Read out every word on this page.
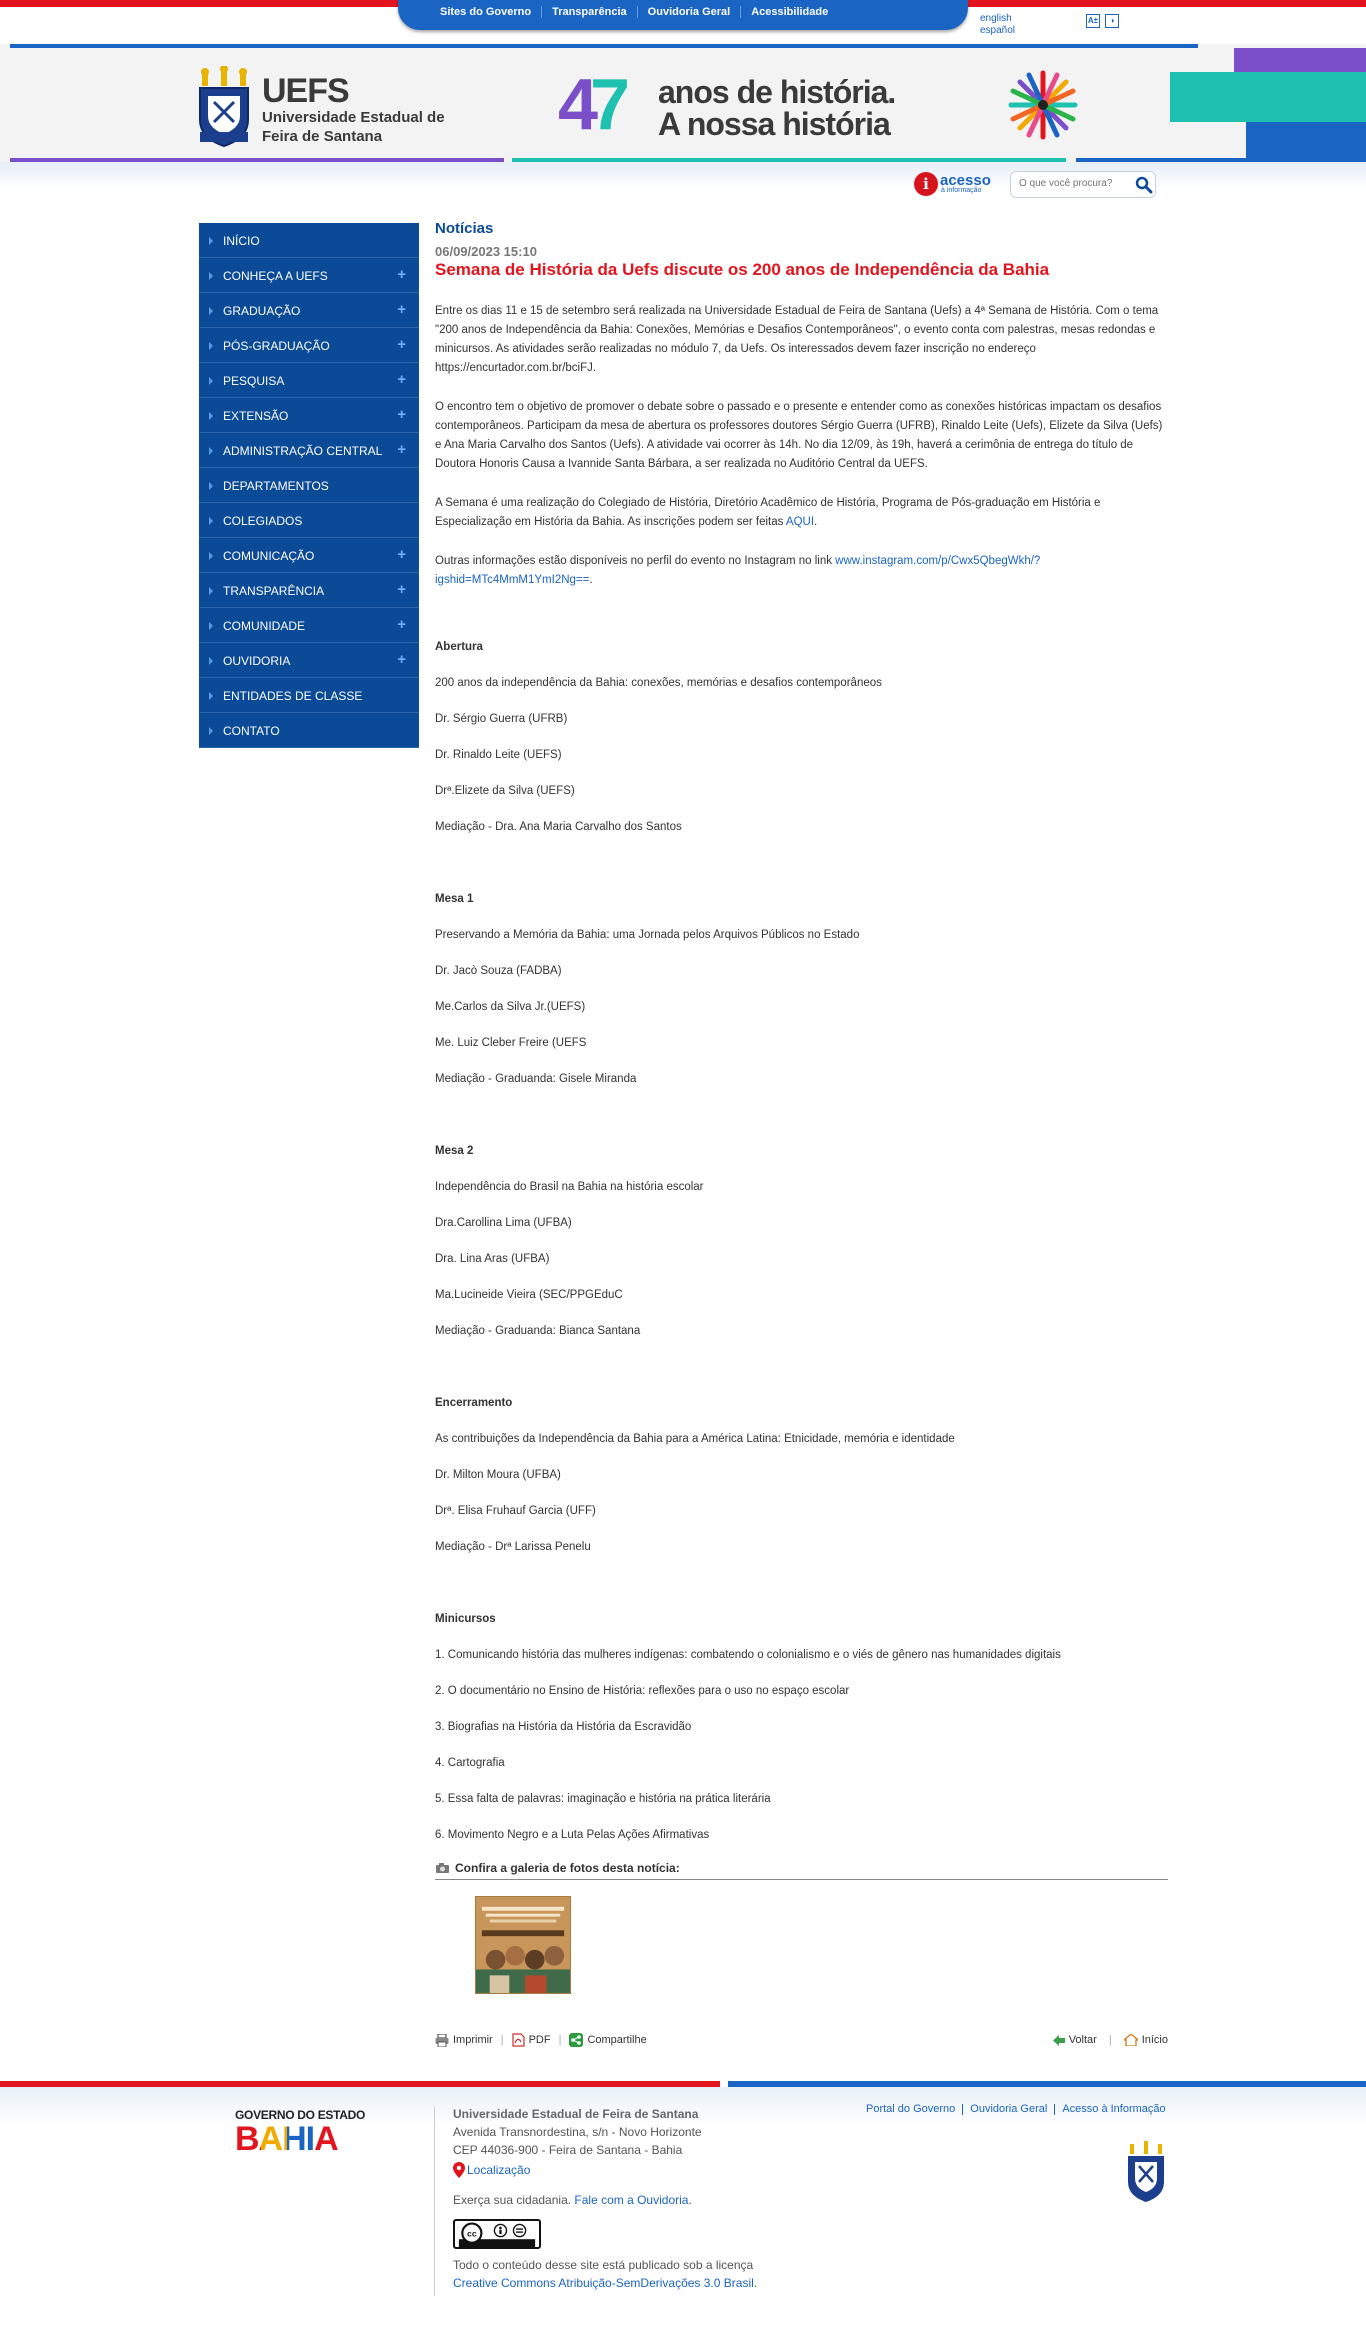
Sites do Governo	Transparência	Ouvidoria Geral	Acessibilidade
english
español
A±	◑
UEFS
Universidade Estadual de Feira de Santana	47 anos de história.
A nossa história
i acesso
à informação
O que você procura?
INÍCIO
CONHEÇA A UEFS	+
GRADUAÇÃO	+
PÓS-GRADUAÇÃO	+
PESQUISA	+
EXTENSÃO	+
ADMINISTRAÇÃO CENTRAL +
DEPARTAMENTOS
COLEGIADOS
COMUNICAÇÃO	+
TRANSPARÊNCIA	+
COMUNIDADE	+
OUVIDORIA	+
ENTIDADES DE CLASSE
CONTATO
Notícias
06/09/2023 15:10
Semana de História da Uefs discute os 200 anos de Independência da Bahia
Entre os dias 11 e 15 de setembro será realizada na Universidade Estadual de Feira de Santana (Uefs) a 4ª Semana de História. Com o tema "200 anos de Independência da Bahia: Conexões, Memórias e Desafios Contemporâneos", o evento conta com palestras, mesas redondas e minicursos. As atividades serão realizadas no módulo 7, da Uefs. Os interessados devem fazer inscrição no endereço https://encurtador.com.br/bciFJ.
O encontro tem o objetivo de promover o debate sobre o passado e o presente e entender como as conexões históricas impactam os desafios contemporâneos. Participam da mesa de abertura os professores doutores Sérgio Guerra (UFRB), Rinaldo Leite (Uefs), Elizete da Silva (Uefs) e Ana Maria Carvalho dos Santos (Uefs). A atividade vai ocorrer às 14h. No dia 12/09, às 19h, haverá a cerimônia de entrega do título de Doutora Honoris Causa a Ivannide Santa Bárbara, a ser realizada no Auditório Central da UEFS.
A Semana é uma realização do Colegiado de História, Diretório Acadêmico de História, Programa de Pós-graduação em História e Especialização em História da Bahia. As inscrições podem ser feitas AQUI.
Outras informações estão disponíveis no perfil do evento no Instagram no link www.instagram.com/p/Cwx5QbegWkh/?igshid=MTc4MmM1YmI2Ng==.
Abertura
200 anos da independência da Bahia: conexões, memórias e desafios contemporâneos
Dr. Sérgio Guerra (UFRB)
Dr. Rinaldo Leite (UEFS)
Drª.Elizete da Silva (UEFS)
Mediação - Dra. Ana Maria Carvalho dos Santos
Mesa 1
Preservando a Memória da Bahia: uma Jornada pelos Arquivos Públicos no Estado
Dr. Jacò Souza (FADBA)
Me.Carlos da Silva Jr.(UEFS)
Me. Luiz Cleber Freire (UEFS
Mediação - Graduanda: Gisele Miranda
Mesa 2
Independência do Brasil na Bahia na história escolar
Dra.Carollina Lima (UFBA)
Dra. Lina Aras (UFBA)
Ma.Lucineide Vieira (SEC/PPGEduC
Mediação - Graduanda: Bianca Santana
Encerramento
As contribuições da Independência da Bahia para a América Latina: Etnicidade, memória e identidade
Dr. Milton Moura (UFBA)
Drª. Elisa Fruhauf Garcia (UFF)
Mediação - Drª Larissa Penelu
Minicursos
1. Comunicando história das mulheres indígenas: combatendo o colonialismo e o viés de gênero nas humanidades digitais
2. O documentário no Ensino de História: reflexões para o uso no espaço escolar
3. Biografias na História da História da Escravidão
4. Cartografia
5. Essa falta de palavras: imaginação e história na prática literária
6. Movimento Negro e a Luta Pelas Ações Afirmativas
Confira a galeria de fotos desta notícia:
Imprimir | PDF | Compartilhe	Voltar |	Início
GOVERNO DO ESTADO
BAHIA
Universidade Estadual de Feira de Santana
Avenida Transnordestina, s/n - Novo Horizonte
CEP 44036-900 - Feira de Santana - Bahia
Localização
Exerça sua cidadania. Fale com a Ouvidoria.
cc
Todo o conteúdo desse site está publicado sob a licença
Creative Commons Atribuição-SemDerivações 3.0 Brasil.
Portal do Governo	Ouvidoria Geral	Acesso à Informação
